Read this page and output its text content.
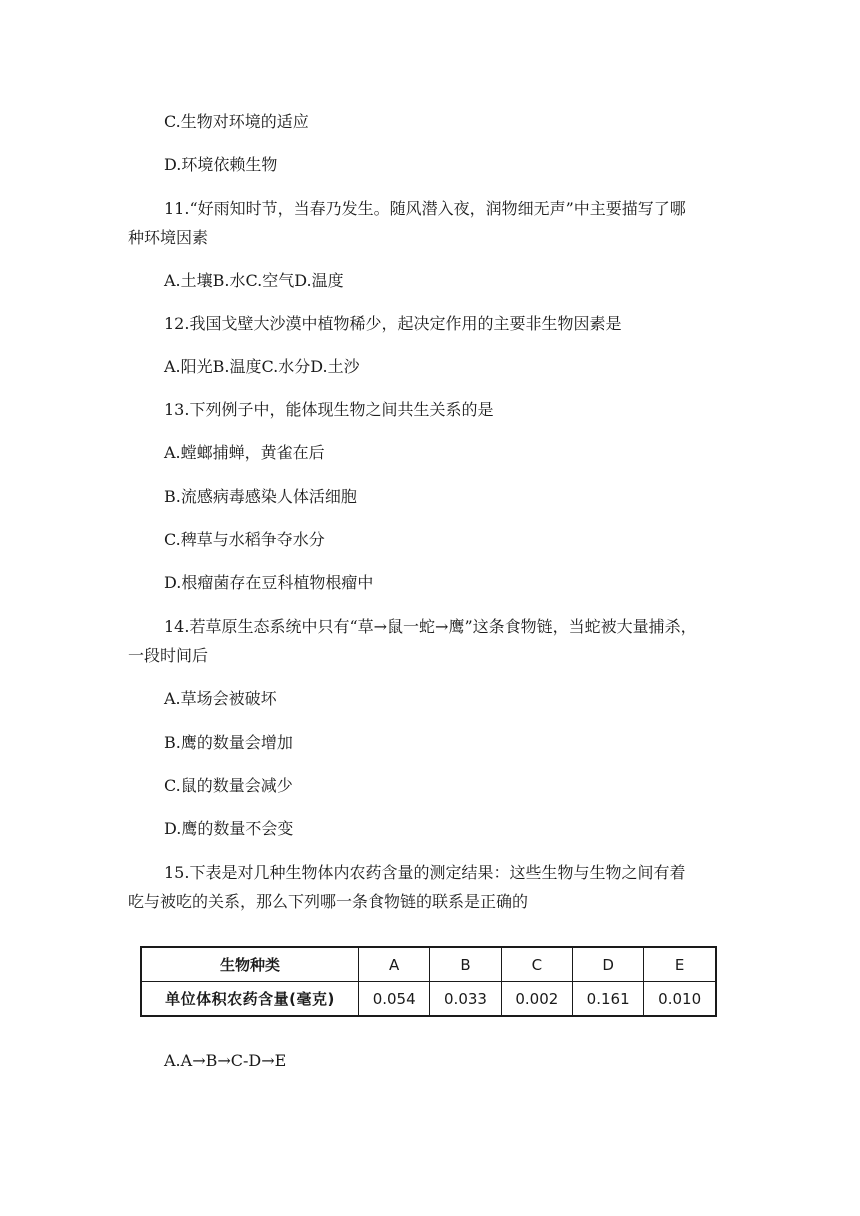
C.生物对环境的适应
D.环境依赖生物
11.“好雨知时节，当春乃发生。随风潜入夜，润物细无声”中主要描写了哪
种环境因素
A.土壤B.水C.空气D.温度
12.我国戈壁大沙漠中植物稀少，起决定作用的主要非生物因素是
A.阳光B.温度C.水分D.土沙
13.下列例子中，能体现生物之间共生关系的是
A.螳螂捕蝉，黄雀在后
B.流感病毒感染人体活细胞
C.稗草与水稻争夺水分
D.根瘤菌存在豆科植物根瘤中
14.若草原生态系统中只有“草→鼠一蛇→鹰”这条食物链，当蛇被大量捕杀，
一段时间后
A.草场会被破坏
B.鹰的数量会增加
C.鼠的数量会减少
D.鹰的数量不会变
15.下表是对几种生物体内农药含量的测定结果：这些生物与生物之间有着
吃与被吃的关系，那么下列哪一条食物链的联系是正确的
生物种类	A	B	C	D	E
单位体积农药含量(毫克)	0.054	0.033	0.002	0.161	0.010
A.A→B→C-D→E
